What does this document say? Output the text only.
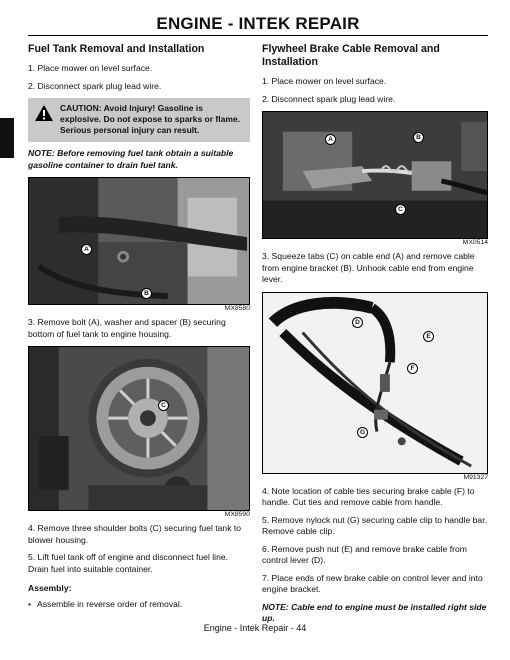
ENGINE - INTEK REPAIR
Fuel Tank Removal and Installation

1. Place mower on level surface.

2. Disconnect spark plug lead wire.

CAUTION: Avoid Injury! Gasoline is explosive. Do not expose to sparks or flame. Serious personal injury can result.
NOTE: Before removing fuel tank obtain a suitable gasoline container to drain fuel tank.
A
B
MX8580

3. Remove bolt (A), washer and spacer (B) securing bottom of fuel tank to engine housing.

C
MX8590

4. Remove three shoulder bolts (C) securing fuel tank to blower housing.

5. Lift fuel tank off of engine and disconnect fuel line. Drain fuel into suitable container.

Assembly:

• Assemble in reverse order of removal.

Flywheel Brake Cable Removal and Installation

1. Place mower on level surface.

2. Disconnect spark plug lead wire.

A	B
C
MX0514

3. Squeeze tabs (C) on cable end (A) and remove cable from engine bracket (B). Unhook cable end from engine lever.

D
E
F
G
M91327

4. Note location of cable ties securing brake cable (F) to handle. Cut ties and remove cable from handle.

5. Remove nylock nut (G) securing cable clip to handle bar. Remove cable clip.

6. Remove push nut (E) and remove brake cable from control lever (D).

7. Place ends of new brake cable on control lever and into engine bracket.

NOTE: Cable end to engine must be installed right side up.
Engine - Intek Repair - 44
